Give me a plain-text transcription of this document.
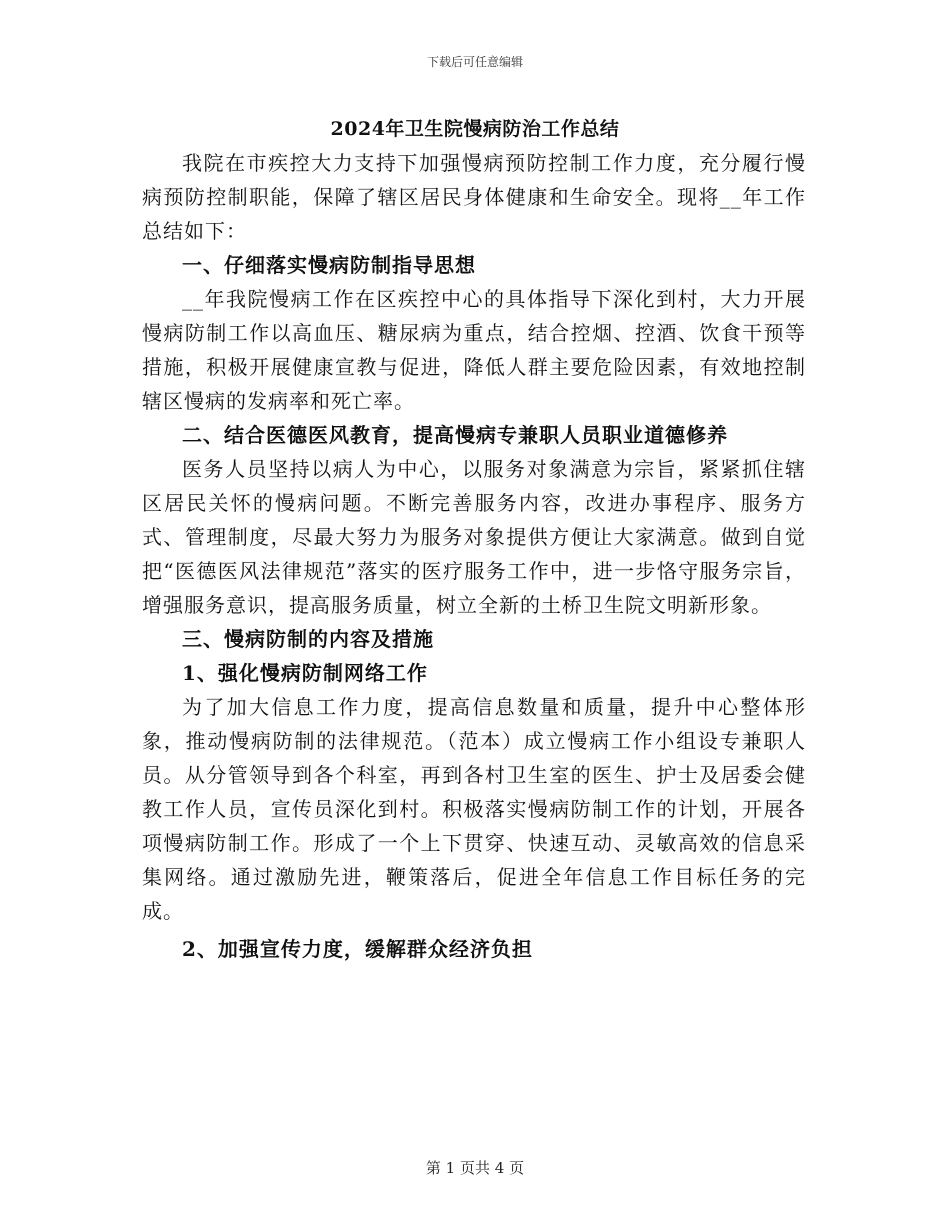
下载后可任意编辑
2024年卫生院慢病防治工作总结

我院在市疾控大力支持下加强慢病预防控制工作力度，充分履行慢病预防控制职能，保障了辖区居民身体健康和生命安全。现将__年工作总结如下：

一、仔细落实慢病防制指导思想

__年我院慢病工作在区疾控中心的具体指导下深化到村，大力开展慢病防制工作以高血压、糖尿病为重点，结合控烟、控酒、饮食干预等措施，积极开展健康宣教与促进，降低人群主要危险因素，有效地控制辖区慢病的发病率和死亡率。

二、结合医德医风教育，提高慢病专兼职人员职业道德修养

医务人员坚持以病人为中心，以服务对象满意为宗旨，紧紧抓住辖区居民关怀的慢病问题。不断完善服务内容，改进办事程序、服务方式、管理制度，尽最大努力为服务对象提供方便让大家满意。做到自觉把“医德医风法律规范”落实的医疗服务工作中，进一步恪守服务宗旨，增强服务意识，提高服务质量，树立全新的土桥卫生院文明新形象。

三、慢病防制的内容及措施

1、强化慢病防制网络工作

为了加大信息工作力度，提高信息数量和质量，提升中心整体形象，推动慢病防制的法律规范。（范本）成立慢病工作小组设专兼职人员。从分管领导到各个科室，再到各村卫生室的医生、护士及居委会健教工作人员，宣传员深化到村。积极落实慢病防制工作的计划，开展各项慢病防制工作。形成了一个上下贯穿、快速互动、灵敏高效的信息采集网络。通过激励先进，鞭策落后，促进全年信息工作目标任务的完成。

2、加强宣传力度，缓解群众经济负担

第 1 页共 4 页
